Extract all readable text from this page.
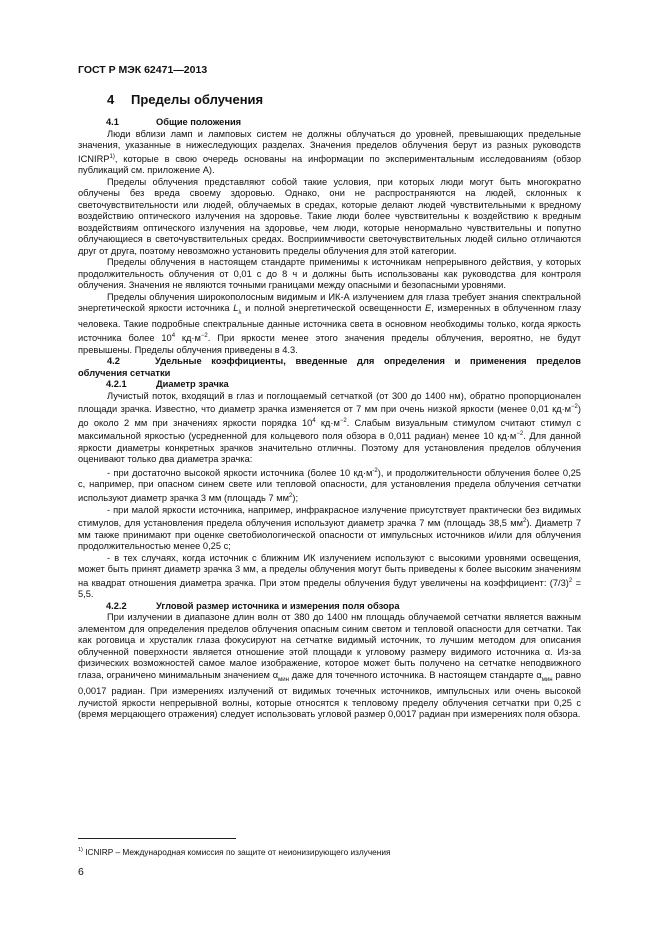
ГОСТ Р МЭК 62471—2013
4 Пределы облучения
4.1	Общие положения

Люди вблизи ламп и ламповых систем не должны облучаться до уровней, превышающих предельные значения, указанные в нижеследующих разделах. Значения пределов облучения берут из разных руководств ICNIRP$^{1)}$, которые в свою очередь основаны на информации по экспериментальным исследованиям (обзор публикаций см. приложение А).

Пределы облучения представляют собой такие условия, при которых люди могут быть многократно облучены без вреда своему здоровью. Однако, они не распространяются на людей, склонных к светочувствительности или людей, облучаемых в средах, которые делают людей чувствительными к вредному воздействию оптического излучения на здоровье. Такие люди более чувствительны к воздействию к вредным воздействиям оптического излучения на здоровье, чем люди, которые ненормально чувствительны и попутно облучающиеся в светочувствительных средах. Восприимчивости светочувствительных людей сильно отличаются друг от друга, поэтому невозможно установить пределы облучения для этой категории.

Пределы облучения в настоящем стандарте применимы к источникам непрерывного действия, у которых продолжительность облучения от 0,01 с до 8 ч и должны быть использованы как руководства для контроля облучения. Значения не являются точными границами между опасными и безопасными уровнями.

Пределы облучения широкополосным видимым и ИК-А излучением для глаза требует знания спектральной энергетической яркости источника $L_\lambda$ и полной энергетической освещенности E, измеренных в облученном глазу человека. Такие подробные спектральные данные источника света в основном необходимы только, когда яркость источника более $10^4$ $кд\cdot м^{-2}$. При яркости менее этого значения пределы облучения, вероятно, не будут превышены. Пределы облучения приведены в 4.3.

4.2	Удельные коэффициенты, введенные для определения и применения пределов облучения сетчатки
4.2.1	Диаметр зрачка

Лучистый поток, входящий в глаз и поглощаемый сетчаткой (от 300 до 1400 нм), обратно пропорционален площади зрачка. Известно, что диаметр зрачка изменяется от 7 мм при очень низкой яркости (менее 0,01 $кд\cdot м^{-2}$) до около 2 мм при значениях яркости порядка $10^4$ $кд\cdot м^{-2}$. Слабым визуальным стимулом считают стимул с максимальной яркостью (усредненной для кольцевого поля обзора в 0,011 радиан) менее 10 $кд\cdot м^{-2}$. Для данной яркости диаметры конкретных зрачков значительно отличны. Поэтому для установления пределов облучения оценивают только два диаметра зрачка:

- при достаточно высокой яркости источника (более 10 $кд\cdot м^{-2}$), и продолжительности облучения более 0,25 с, например, при опасном синем свете или тепловой опасности, для установления предела облучения сетчатки используют диаметр зрачка 3 мм (площадь 7 $мм^2$);

- при малой яркости источника, например, инфракрасное излучение присутствует практически без видимых стимулов, для установления предела облучения используют диаметр зрачка 7 мм (площадь 38,5 $мм^2$). Диаметр 7 мм также принимают при оценке светобиологической опасности от импульсных источников и/или для облучения продолжительностью менее 0,25 с;

- в тех случаях, когда источник с ближним ИК излучением используют с высокими уровнями освещения, может быть принят диаметр зрачка 3 мм, а пределы облучения могут быть приведены к более высоким значениям на квадрат отношения диаметра зрачка. При этом пределы облучения будут увеличены на коэффициент: $(7/3)^2 = 5,5$.

4.2.2	Угловой размер источника и измерения поля обзора

При излучении в диапазоне длин волн от 380 до 1400 нм площадь облучаемой сетчатки является важным элементом для определения пределов облучения опасным синим светом и тепловой опасности для сетчатки. Так как роговица и хрусталик глаза фокусируют на сетчатке видимый источник, то лучшим методом для описания облученной поверхности является отношение этой площади к угловому размеру видимого источника α. Из-за физических возможностей самое малое изображение, которое может быть получено на сетчатке неподвижного глаза, ограничено минимальным значением $\alpha_{мин}$ даже для точечного источника. В настоящем стандарте $\alpha_{мин}$ равно 0,0017 радиан. При измерениях излучений от видимых точечных источников, импульсных или очень высокой лучистой яркости непрерывной волны, которые относятся к тепловому пределу облучения сетчатки при 0,25 с (время мерцающего отражения) следует использовать угловой размер 0,0017 радиан при измерениях поля обзора.

$^{1)}$ ICNIRP – Международная комиссия по защите от неионизирующего излучения
6
